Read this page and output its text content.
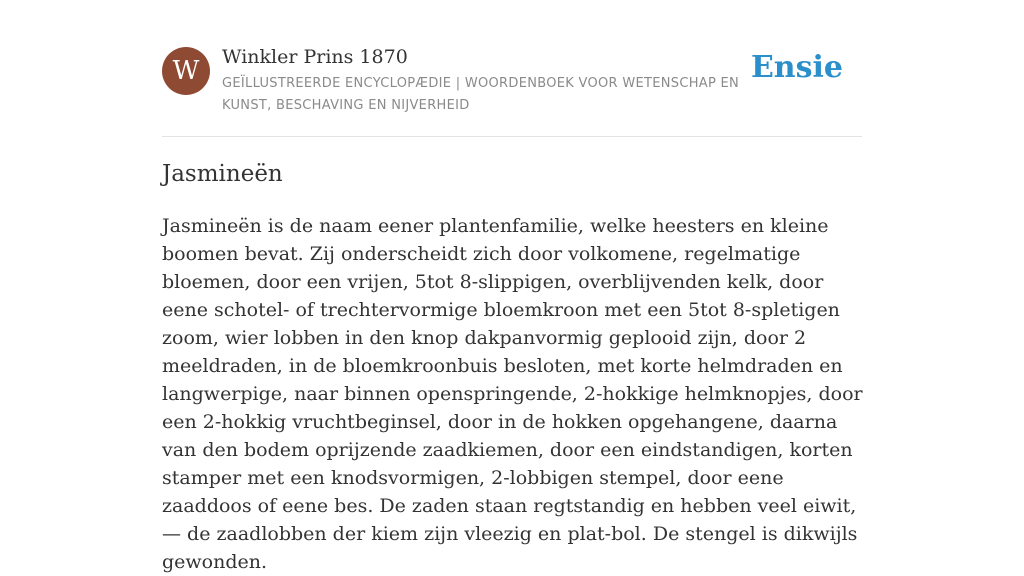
W	Winkler Prins 1870
GEÏLLUSTREERDE ENCYCLOPÆDIE | WOORDENBOEK VOOR WETENSCHAP EN KUNST, BESCHAVING EN NIJVERHEID
Ensie
Jasmineën

Jasmineën is de naam eener plantenfamilie, welke heesters en kleine boomen bevat. Zij onderscheidt zich door volkomene, regelmatige bloemen, door een vrijen, 5tot 8-slippigen, overblijvenden kelk, door eene schotel- of trechtervormige bloemkroon met een 5tot 8-spletigen zoom, wier lobben in den knop dakpanvormig geplooid zijn, door 2 meeldraden, in de bloemkroonbuis besloten, met korte helmdraden en langwerpige, naar binnen openspringende, 2-hokkige helmknopjes, door een 2-hokkig vruchtbeginsel, door in de hokken opgehangene, daarna van den bodem oprijzende zaadkiemen, door een eindstandigen, korten stamper met een knodsvormigen, 2-lobbigen stempel, door eene zaaddoos of eene bes. De zaden staan regtstandig en hebben veel eiwit, — de zaadlobben der kiem zijn vleezig en plat-bol. De stengel is dikwijls gewonden.
